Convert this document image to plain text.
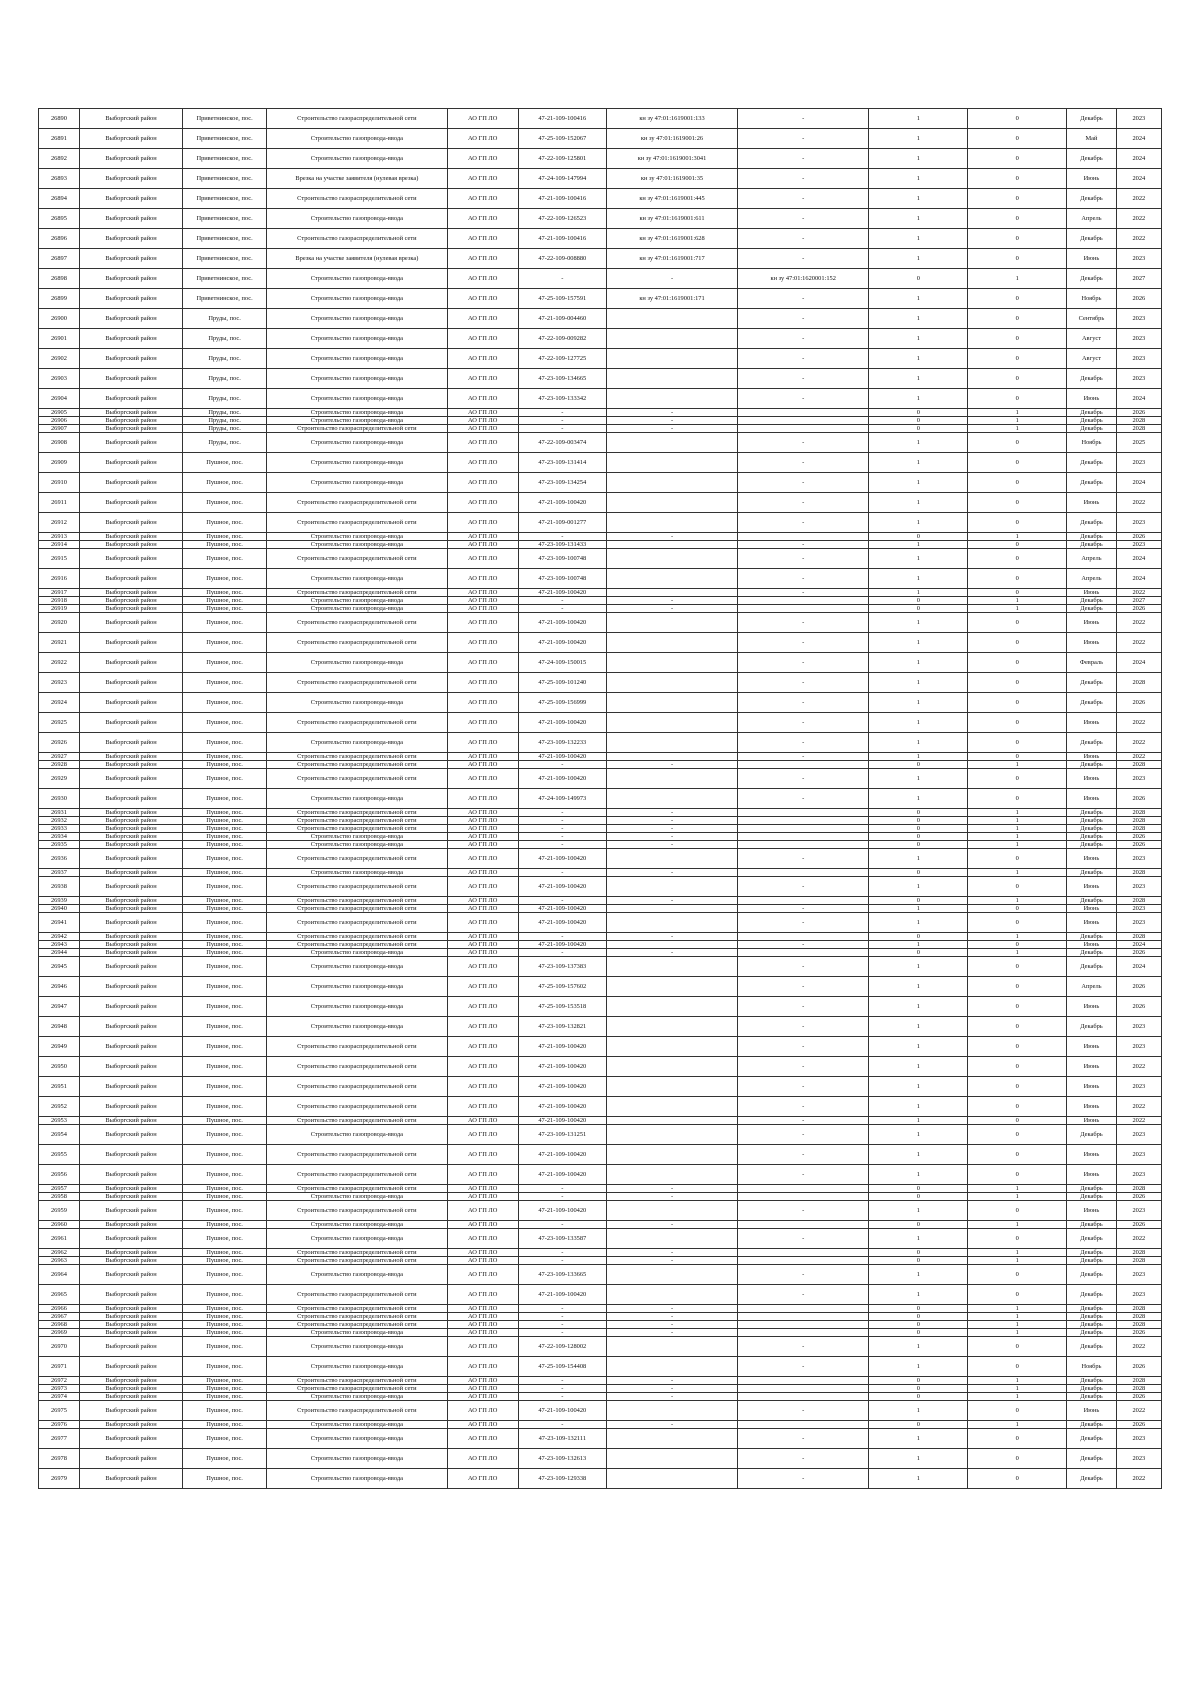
26890	Выборгский район	Приветнинское, пос.	Строительство газораспределительной сети	АО ГП ЛО	47-21-109-100416	кн зу 47:01:1619001:133	-	1	0	Декабрь	2023
26891	Выборгский район	Приветнинское, пос.	Строительство газопровода-ввода	АО ГП ЛО	47-25-109-152067	кн зу 47:01:1619001:26	-	1	0	Май	2024
26892	Выборгский район	Приветнинское, пос.	Строительство газопровода-ввода	АО ГП ЛО	47-22-109-125801	кн зу 47:01:1619001:3041	-	1	0	Декабрь	2024
26893	Выборгский район	Приветнинское, пос.	Врезка на участке заявителя (нулевая врезка)	АО ГП ЛО	47-24-109-147994	кн зу 47:01:1619001:35	-	1	0	Июнь	2024
26894	Выборгский район	Приветнинское, пос.	Строительство газораспределительной сети	АО ГП ЛО	47-21-109-100416	кн зу 47:01:1619001:445	-	1	0	Декабрь	2022
26895	Выборгский район	Приветнинское, пос.	Строительство газопровода-ввода	АО ГП ЛО	47-22-109-126523	кн зу 47:01:1619001:611	-	1	0	Апрель	2022
26896	Выборгский район	Приветнинское, пос.	Строительство газораспределительной сети	АО ГП ЛО	47-21-109-100416	кн зу 47:01:1619001:628	-	1	0	Декабрь	2022
26897	Выборгский район	Приветнинское, пос.	Врезка на участке заявителя (нулевая врезка)	АО ГП ЛО	47-22-109-008880	кн зу 47:01:1619001:717	-	1	0	Июнь	2023
26898	Выборгский район	Приветнинское, пос.	Строительство газопровода-ввода	АО ГП ЛО	-	-	кн зу 47:01:1620001:152	0	1	Декабрь	2027
26899	Выборгский район	Приветнинское, пос.	Строительство газопровода-ввода	АО ГП ЛО	47-25-109-157591	кн зу 47:01:1619001:171	-	1	0	Ноябрь	2026
26900	Выборгский район	Пруды, пос.	Строительство газопровода-ввода	АО ГП ЛО	47-21-109-004460		-	1	0	Сентябрь	2023
26901	Выборгский район	Пруды, пос.	Строительство газопровода-ввода	АО ГП ЛО	47-22-109-009282		-	1	0	Август	2023
26902	Выборгский район	Пруды, пос.	Строительство газопровода-ввода	АО ГП ЛО	47-22-109-127725		-	1	0	Август	2023
26903	Выборгский район	Пруды, пос.	Строительство газопровода-ввода	АО ГП ЛО	47-23-109-134665		-	1	0	Декабрь	2023
26904	Выборгский район	Пруды, пос.	Строительство газопровода-ввода	АО ГП ЛО	47-23-109-133342		-	1	0	Июнь	2024
26905	Выборгский район	Пруды, пос.	Строительство газопровода-ввода	АО ГП ЛО	-	-		0	1	Декабрь	2026
26906	Выборгский район	Пруды, пос.	Строительство газопровода-ввода	АО ГП ЛО	-	-		0	1	Декабрь	2028
26907	Выборгский район	Пруды, пос.	Строительство газораспределительной сети	АО ГП ЛО	-	-		0	1	Декабрь	2028
26908	Выборгский район	Пруды, пос.	Строительство газопровода-ввода	АО ГП ЛО	47-22-109-003474		-	1	0	Ноябрь	2025
26909	Выборгский район	Пушное, пос.	Строительство газопровода-ввода	АО ГП ЛО	47-23-109-131414		-	1	0	Декабрь	2023
26910	Выборгский район	Пушное, пос.	Строительство газопровода-ввода	АО ГП ЛО	47-23-109-134254		-	1	0	Декабрь	2024
26911	Выборгский район	Пушное, пос.	Строительство газораспределительной сети	АО ГП ЛО	47-21-109-100420		-	1	0	Июнь	2022
26912	Выборгский район	Пушное, пос.	Строительство газораспределительной сети	АО ГП ЛО	47-21-109-001277		-	1	0	Декабрь	2023
26913	Выборгский район	Пушное, пос.	Строительство газопровода-ввода	АО ГП ЛО	-	-		0	1	Декабрь	2026
26914	Выборгский район	Пушное, пос.	Строительство газопровода-ввода	АО ГП ЛО	47-23-109-131433		-	1	0	Декабрь	2023
26915	Выборгский район	Пушное, пос.	Строительство газораспределительной сети	АО ГП ЛО	47-23-109-100748		-	1	0	Апрель	2024
26916	Выборгский район	Пушное, пос.	Строительство газопровода-ввода	АО ГП ЛО	47-23-109-100748		-	1	0	Апрель	2024
26917	Выборгский район	Пушное, пос.	Строительство газораспределительной сети	АО ГП ЛО	47-21-109-100420		-	1	0	Июнь	2022
26918	Выборгский район	Пушное, пос.	Строительство газопровода-ввода	АО ГП ЛО	-	-		0	1	Декабрь	2027
26919	Выборгский район	Пушное, пос.	Строительство газопровода-ввода	АО ГП ЛО	-	-		0	1	Декабрь	2026
26920	Выборгский район	Пушное, пос.	Строительство газораспределительной сети	АО ГП ЛО	47-21-109-100420		-	1	0	Июнь	2022
26921	Выборгский район	Пушное, пос.	Строительство газораспределительной сети	АО ГП ЛО	47-21-109-100420		-	1	0	Июнь	2022
26922	Выборгский район	Пушное, пос.	Строительство газопровода-ввода	АО ГП ЛО	47-24-109-150015		-	1	0	Февраль	2024
26923	Выборгский район	Пушное, пос.	Строительство газораспределительной сети	АО ГП ЛО	47-25-109-101240		-	1	0	Декабрь	2028
26924	Выборгский район	Пушное, пос.	Строительство газопровода-ввода	АО ГП ЛО	47-25-109-156999		-	1	0	Декабрь	2026
26925	Выборгский район	Пушное, пос.	Строительство газораспределительной сети	АО ГП ЛО	47-21-109-100420		-	1	0	Июнь	2022
26926	Выборгский район	Пушное, пос.	Строительство газопровода-ввода	АО ГП ЛО	47-23-109-132233		-	1	0	Декабрь	2022
26927	Выборгский район	Пушное, пос.	Строительство газораспределительной сети	АО ГП ЛО	47-21-109-100420		-	1	0	Июнь	2022
26928	Выборгский район	Пушное, пос.	Строительство газораспределительной сети	АО ГП ЛО	-	-		0	1	Декабрь	2028
26929	Выборгский район	Пушное, пос.	Строительство газораспределительной сети	АО ГП ЛО	47-21-109-100420		-	1	0	Июнь	2023
26930	Выборгский район	Пушное, пос.	Строительство газопровода-ввода	АО ГП ЛО	47-24-109-149973		-	1	0	Июнь	2026
26931	Выборгский район	Пушное, пос.	Строительство газораспределительной сети	АО ГП ЛО	-	-		0	1	Декабрь	2028
26932	Выборгский район	Пушное, пос.	Строительство газораспределительной сети	АО ГП ЛО	-	-		0	1	Декабрь	2028
26933	Выборгский район	Пушное, пос.	Строительство газораспределительной сети	АО ГП ЛО	-	-		0	1	Декабрь	2028
26934	Выборгский район	Пушное, пос.	Строительство газопровода-ввода	АО ГП ЛО	-	-		0	1	Декабрь	2026
26935	Выборгский район	Пушное, пос.	Строительство газопровода-ввода	АО ГП ЛО	-	-		0	1	Декабрь	2026
26936	Выборгский район	Пушное, пос.	Строительство газораспределительной сети	АО ГП ЛО	47-21-109-100420		-	1	0	Июнь	2023
26937	Выборгский район	Пушное, пос.	Строительство газопровода-ввода	АО ГП ЛО	-	-		0	1	Декабрь	2028
26938	Выборгский район	Пушное, пос.	Строительство газораспределительной сети	АО ГП ЛО	47-21-109-100420		-	1	0	Июнь	2023
26939	Выборгский район	Пушное, пос.	Строительство газораспределительной сети	АО ГП ЛО	-	-		0	1	Декабрь	2028
26940	Выборгский район	Пушное, пос.	Строительство газораспределительной сети	АО ГП ЛО	47-21-109-100420		-	1	0	Июнь	2023
26941	Выборгский район	Пушное, пос.	Строительство газораспределительной сети	АО ГП ЛО	47-21-109-100420		-	1	0	Июнь	2023
26942	Выборгский район	Пушное, пос.	Строительство газораспределительной сети	АО ГП ЛО	-	-		0	1	Декабрь	2028
26943	Выборгский район	Пушное, пос.	Строительство газораспределительной сети	АО ГП ЛО	47-21-109-100420		-	1	0	Июнь	2024
26944	Выборгский район	Пушное, пос.	Строительство газопровода-ввода	АО ГП ЛО	-	-		0	1	Декабрь	2026
26945	Выборгский район	Пушное, пос.	Строительство газопровода-ввода	АО ГП ЛО	47-23-109-137383		-	1	0	Декабрь	2024
26946	Выборгский район	Пушное, пос.	Строительство газопровода-ввода	АО ГП ЛО	47-25-109-157602		-	1	0	Апрель	2026
26947	Выборгский район	Пушное, пос.	Строительство газопровода-ввода	АО ГП ЛО	47-25-109-153518		-	1	0	Июнь	2026
26948	Выборгский район	Пушное, пос.	Строительство газопровода-ввода	АО ГП ЛО	47-23-109-132821		-	1	0	Декабрь	2023
26949	Выборгский район	Пушное, пос.	Строительство газораспределительной сети	АО ГП ЛО	47-21-109-100420		-	1	0	Июнь	2023
26950	Выборгский район	Пушное, пос.	Строительство газораспределительной сети	АО ГП ЛО	47-21-109-100420		-	1	0	Июнь	2022
26951	Выборгский район	Пушное, пос.	Строительство газораспределительной сети	АО ГП ЛО	47-21-109-100420		-	1	0	Июнь	2023
26952	Выборгский район	Пушное, пос.	Строительство газораспределительной сети	АО ГП ЛО	47-21-109-100420		-	1	0	Июнь	2022
26953	Выборгский район	Пушное, пос.	Строительство газораспределительной сети	АО ГП ЛО	47-21-109-100420		-	1	0	Июнь	2022
26954	Выборгский район	Пушное, пос.	Строительство газопровода-ввода	АО ГП ЛО	47-23-109-131251		-	1	0	Декабрь	2023
26955	Выборгский район	Пушное, пос.	Строительство газораспределительной сети	АО ГП ЛО	47-21-109-100420		-	1	0	Июнь	2023
26956	Выборгский район	Пушное, пос.	Строительство газораспределительной сети	АО ГП ЛО	47-21-109-100420		-	1	0	Июнь	2023
26957	Выборгский район	Пушное, пос.	Строительство газораспределительной сети	АО ГП ЛО	-	-		0	1	Декабрь	2028
26958	Выборгский район	Пушное, пос.	Строительство газопровода-ввода	АО ГП ЛО	-	-		0	1	Декабрь	2026
26959	Выборгский район	Пушное, пос.	Строительство газораспределительной сети	АО ГП ЛО	47-21-109-100420		-	1	0	Июнь	2023
26960	Выборгский район	Пушное, пос.	Строительство газопровода-ввода	АО ГП ЛО	-	-		0	1	Декабрь	2026
26961	Выборгский район	Пушное, пос.	Строительство газопровода-ввода	АО ГП ЛО	47-23-109-133587		-	1	0	Декабрь	2022
26962	Выборгский район	Пушное, пос.	Строительство газораспределительной сети	АО ГП ЛО	-	-		0	1	Декабрь	2028
26963	Выборгский район	Пушное, пос.	Строительство газораспределительной сети	АО ГП ЛО	-	-		0	1	Декабрь	2028
26964	Выборгский район	Пушное, пос.	Строительство газопровода-ввода	АО ГП ЛО	47-23-109-133665		-	1	0	Декабрь	2023
26965	Выборгский район	Пушное, пос.	Строительство газораспределительной сети	АО ГП ЛО	47-21-109-100420		-	1	0	Декабрь	2023
26966	Выборгский район	Пушное, пос.	Строительство газораспределительной сети	АО ГП ЛО	-	-		0	1	Декабрь	2028
26967	Выборгский район	Пушное, пос.	Строительство газораспределительной сети	АО ГП ЛО	-	-		0	1	Декабрь	2028
26968	Выборгский район	Пушное, пос.	Строительство газораспределительной сети	АО ГП ЛО	-	-		0	1	Декабрь	2028
26969	Выборгский район	Пушное, пос.	Строительство газопровода-ввода	АО ГП ЛО	-	-		0	1	Декабрь	2026
26970	Выборгский район	Пушное, пос.	Строительство газопровода-ввода	АО ГП ЛО	47-22-109-128002		-	1	0	Декабрь	2022
26971	Выборгский район	Пушное, пос.	Строительство газопровода-ввода	АО ГП ЛО	47-25-109-154408		-	1	0	Ноябрь	2026
26972	Выборгский район	Пушное, пос.	Строительство газораспределительной сети	АО ГП ЛО	-	-		0	1	Декабрь	2028
26973	Выборгский район	Пушное, пос.	Строительство газораспределительной сети	АО ГП ЛО	-	-		0	1	Декабрь	2028
26974	Выборгский район	Пушное, пос.	Строительство газопровода-ввода	АО ГП ЛО	-	-		0	1	Декабрь	2026
26975	Выборгский район	Пушное, пос.	Строительство газораспределительной сети	АО ГП ЛО	47-21-109-100420		-	1	0	Июнь	2022
26976	Выборгский район	Пушное, пос.	Строительство газопровода-ввода	АО ГП ЛО	-	-		0	1	Декабрь	2026
26977	Выборгский район	Пушное, пос.	Строительство газопровода-ввода	АО ГП ЛО	47-23-109-132111		-	1	0	Декабрь	2023
26978	Выборгский район	Пушное, пос.	Строительство газопровода-ввода	АО ГП ЛО	47-23-109-132613		-	1	0	Декабрь	2023
26979	Выборгский район	Пушное, пос.	Строительство газопровода-ввода	АО ГП ЛО	47-23-109-129338		-	1	0	Декабрь	2022
